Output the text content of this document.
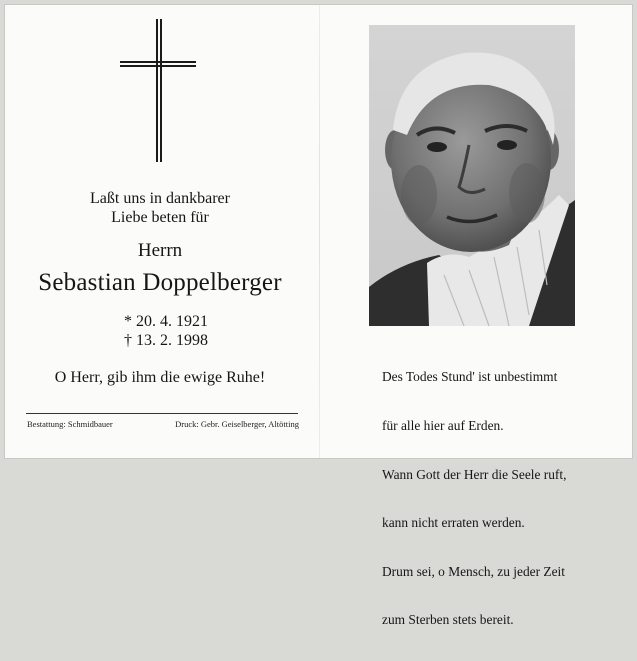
Laßt uns in dankbarer
Liebe beten für
Herrn
Sebastian Doppelberger
* 20. 4. 1921
† 13. 2. 1998
O Herr, gib ihm die ewige Ruhe!
Bestattung: Schmidbauer	Druck: Gebr. Geiselberger, Altötting

Des Todes Stund' ist unbestimmt

für alle hier auf Erden.

Wann Gott der Herr die Seele ruft,

kann nicht erraten werden.

Drum sei, o Mensch, zu jeder Zeit

zum Sterben stets bereit.
